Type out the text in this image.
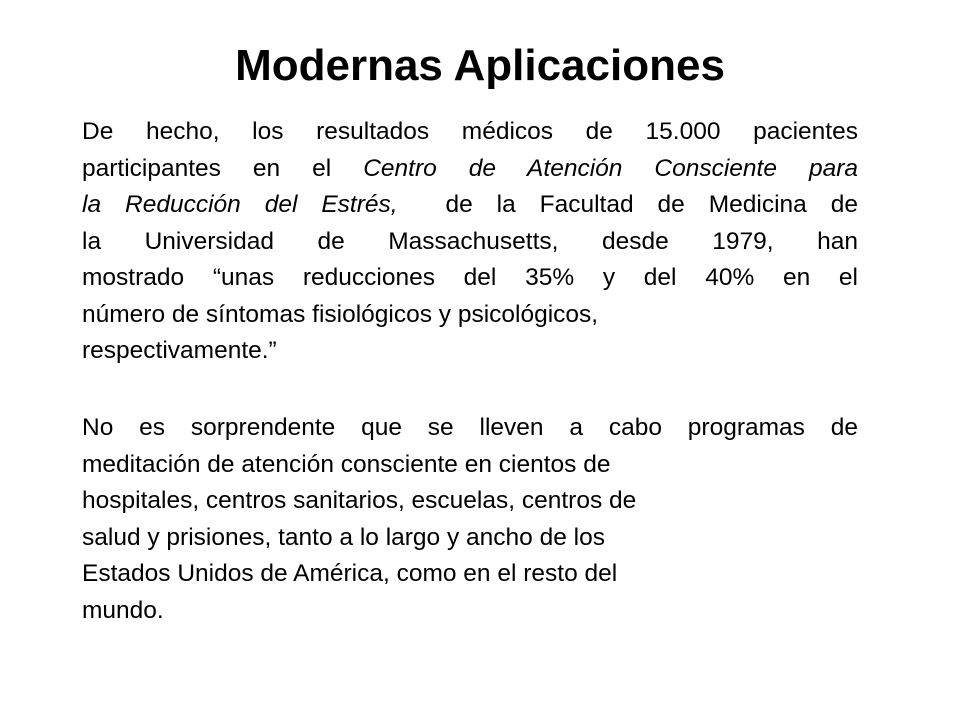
Modernas Aplicaciones
De hecho, los resultados médicos de 15.000 pacientes
participantes en el Centro de Atención Consciente para
la Reducción del Estrés,  de la Facultad de Medicina de
la Universidad de Massachusetts, desde 1979, han
mostrado “unas reducciones del 35% y del 40% en el
número de síntomas fisiológicos y psicológicos,
respectivamente.”
No es sorprendente que se lleven a cabo programas de
meditación de atención consciente en cientos de
hospitales, centros sanitarios, escuelas, centros de
salud y prisiones, tanto a lo largo y ancho de los
Estados Unidos de América, como en el resto del
mundo.
